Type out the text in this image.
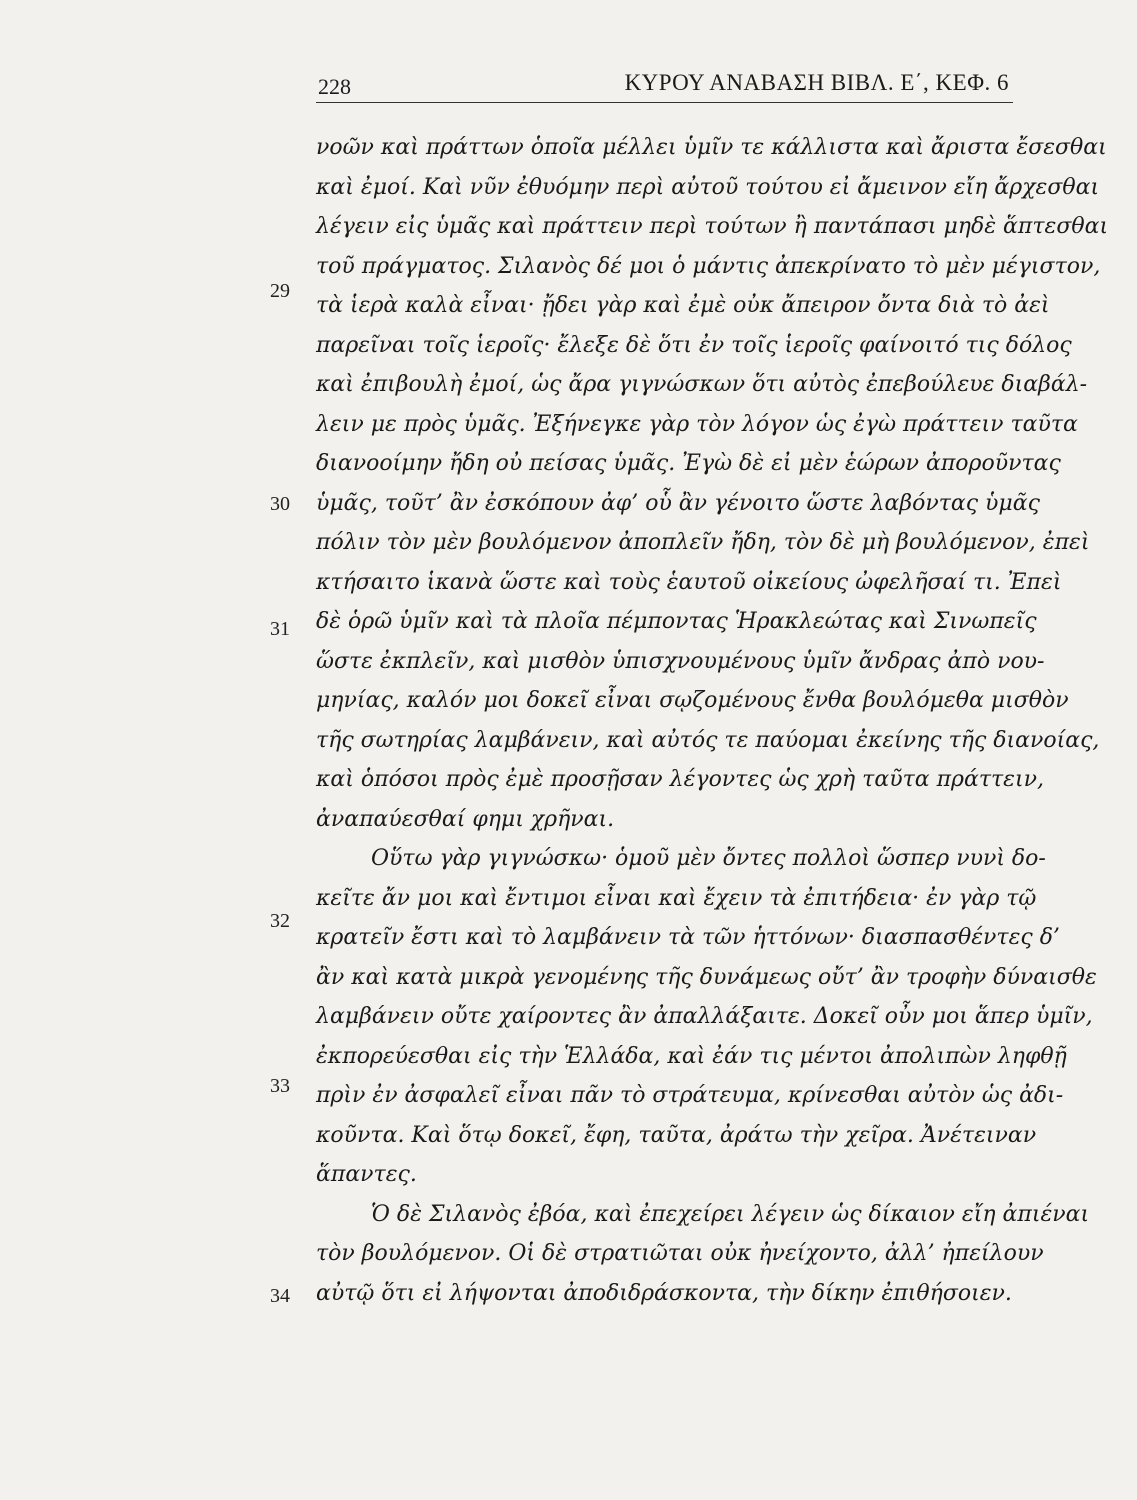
228	ΚΥΡΟΥ ΑΝΑΒΑΣΗ ΒΙΒΛ. Ε΄, ΚΕΦ. 6
29
30
31
32
33
34
νοῶν καὶ πράττων ὁποῖα μέλλει ὑμῖν τε κάλλιστα καὶ ἄριστα ἔσεσθαι
καὶ ἐμοί. Καὶ νῦν ἐθυόμην περὶ αὐτοῦ τούτου εἰ ἄμεινον εἴη ἄρχεσθαι
λέγειν εἰς ὑμᾶς καὶ πράττειν περὶ τούτων ἢ παντάπασι μηδὲ ἅπτεσθαι
τοῦ πράγματος. Σιλανὸς δέ μοι ὁ μάντις ἀπεκρίνατο τὸ μὲν μέγιστον,
τὰ ἱερὰ καλὰ εἶναι· ᾔδει γὰρ καὶ ἐμὲ οὐκ ἄπειρον ὄντα διὰ τὸ ἀεὶ
παρεῖναι τοῖς ἱεροῖς· ἔλεξε δὲ ὅτι ἐν τοῖς ἱεροῖς φαίνοιτό τις δόλος
καὶ ἐπιβουλὴ ἐμοί, ὡς ἄρα γιγνώσκων ὅτι αὐτὸς ἐπεβούλευε διαβάλ-
λειν με πρὸς ὑμᾶς. Ἐξήνεγκε γὰρ τὸν λόγον ὡς ἐγὼ πράττειν ταῦτα
διανοοίμην ἤδη οὐ πείσας ὑμᾶς. Ἐγὼ δὲ εἰ μὲν ἑώρων ἀποροῦντας
ὑμᾶς, τοῦτ’ ἂν ἐσκόπουν ἀφ’ οὗ ἂν γένοιτο ὥστε λαβόντας ὑμᾶς
πόλιν τὸν μὲν βουλόμενον ἀποπλεῖν ἤδη, τὸν δὲ μὴ βουλόμενον, ἐπεὶ
κτήσαιτο ἱκανὰ ὥστε καὶ τοὺς ἑαυτοῦ οἰκείους ὠφελῆσαί τι. Ἐπεὶ
δὲ ὁρῶ ὑμῖν καὶ τὰ πλοῖα πέμποντας Ἡρακλεώτας καὶ Σινωπεῖς
ὥστε ἐκπλεῖν, καὶ μισθὸν ὑπισχνουμένους ὑμῖν ἄνδρας ἀπὸ νου-
μηνίας, καλόν μοι δοκεῖ εἶναι σῳζομένους ἔνθα βουλόμεθα μισθὸν
τῆς σωτηρίας λαμβάνειν, καὶ αὐτός τε παύομαι ἐκείνης τῆς διανοίας,
καὶ ὁπόσοι πρὸς ἐμὲ προσῇσαν λέγοντες ὡς χρὴ ταῦτα πράττειν,
ἀναπαύεσθαί φημι χρῆναι.
Οὕτω γὰρ γιγνώσκω· ὁμοῦ μὲν ὄντες πολλοὶ ὥσπερ νυνὶ δο-
κεῖτε ἄν μοι καὶ ἔντιμοι εἶναι καὶ ἔχειν τὰ ἐπιτήδεια· ἐν γὰρ τῷ
κρατεῖν ἔστι καὶ τὸ λαμβάνειν τὰ τῶν ἡττόνων· διασπασθέντες δ’
ἂν καὶ κατὰ μικρὰ γενομένης τῆς δυνάμεως οὔτ’ ἂν τροφὴν δύναισθε
λαμβάνειν οὔτε χαίροντες ἂν ἀπαλλάξαιτε. Δοκεῖ οὖν μοι ἅπερ ὑμῖν,
ἐκπορεύεσθαι εἰς τὴν Ἑλλάδα, καὶ ἐάν τις μέντοι ἀπολιπὼν ληφθῇ
πρὶν ἐν ἀσφαλεῖ εἶναι πᾶν τὸ στράτευμα, κρίνεσθαι αὐτὸν ὡς ἀδι-
κοῦντα. Καὶ ὅτῳ δοκεῖ, ἔφη, ταῦτα, ἀράτω τὴν χεῖρα. Ἀνέτειναν
ἅπαντες.
Ὁ δὲ Σιλανὸς ἐβόα, καὶ ἐπεχείρει λέγειν ὡς δίκαιον εἴη ἀπιέναι
τὸν βουλόμενον. Οἱ δὲ στρατιῶται οὐκ ἠνείχοντο, ἀλλ’ ἠπείλουν
αὐτῷ ὅτι εἰ λήψονται ἀποδιδράσκοντα, τὴν δίκην ἐπιθήσοιεν.
